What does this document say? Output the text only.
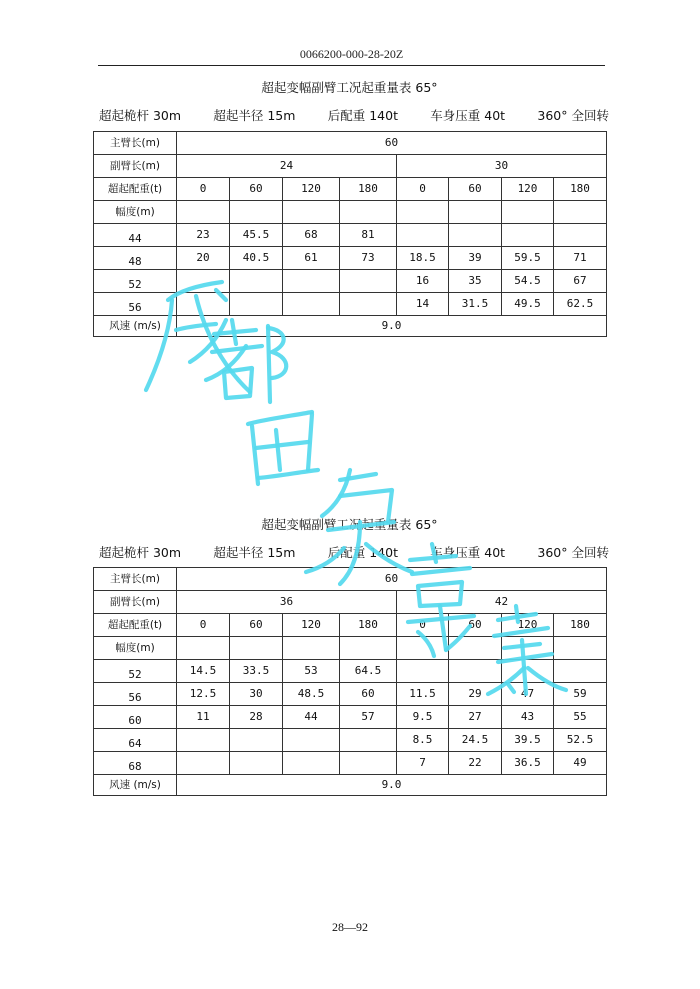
0066200-000-28-20Z
超起变幅副臂工况起重量表 65°
超起桅杆 30m	超起半径 15m	后配重 140t	车身压重 40t	360° 全回转
主臂长(m)	60							
副臂长(m)	24				30			
超起配重(t)	0	60	120	180	0	60	120	180
幅度(m)								
44	23	45.5	68	81				
48	20	40.5	61	73	18.5	39	59.5	71
52					16	35	54.5	67
56					14	31.5	49.5	62.5
风速 (m/s)	9.0							
超起变幅副臂工况起重量表 65°
超起桅杆 30m	超起半径 15m	后配重 140t	车身压重 40t	360° 全回转
主臂长(m)	60							
副臂长(m)	36				42			
超起配重(t)	0	60	120	180	0	60	120	180
幅度(m)								
52	14.5	33.5	53	64.5				
56	12.5	30	48.5	60	11.5	29	47	59
60	11	28	44	57	9.5	27	43	55
64					8.5	24.5	39.5	52.5
68					7	22	36.5	49
风速 (m/s)	9.0							
28—92
